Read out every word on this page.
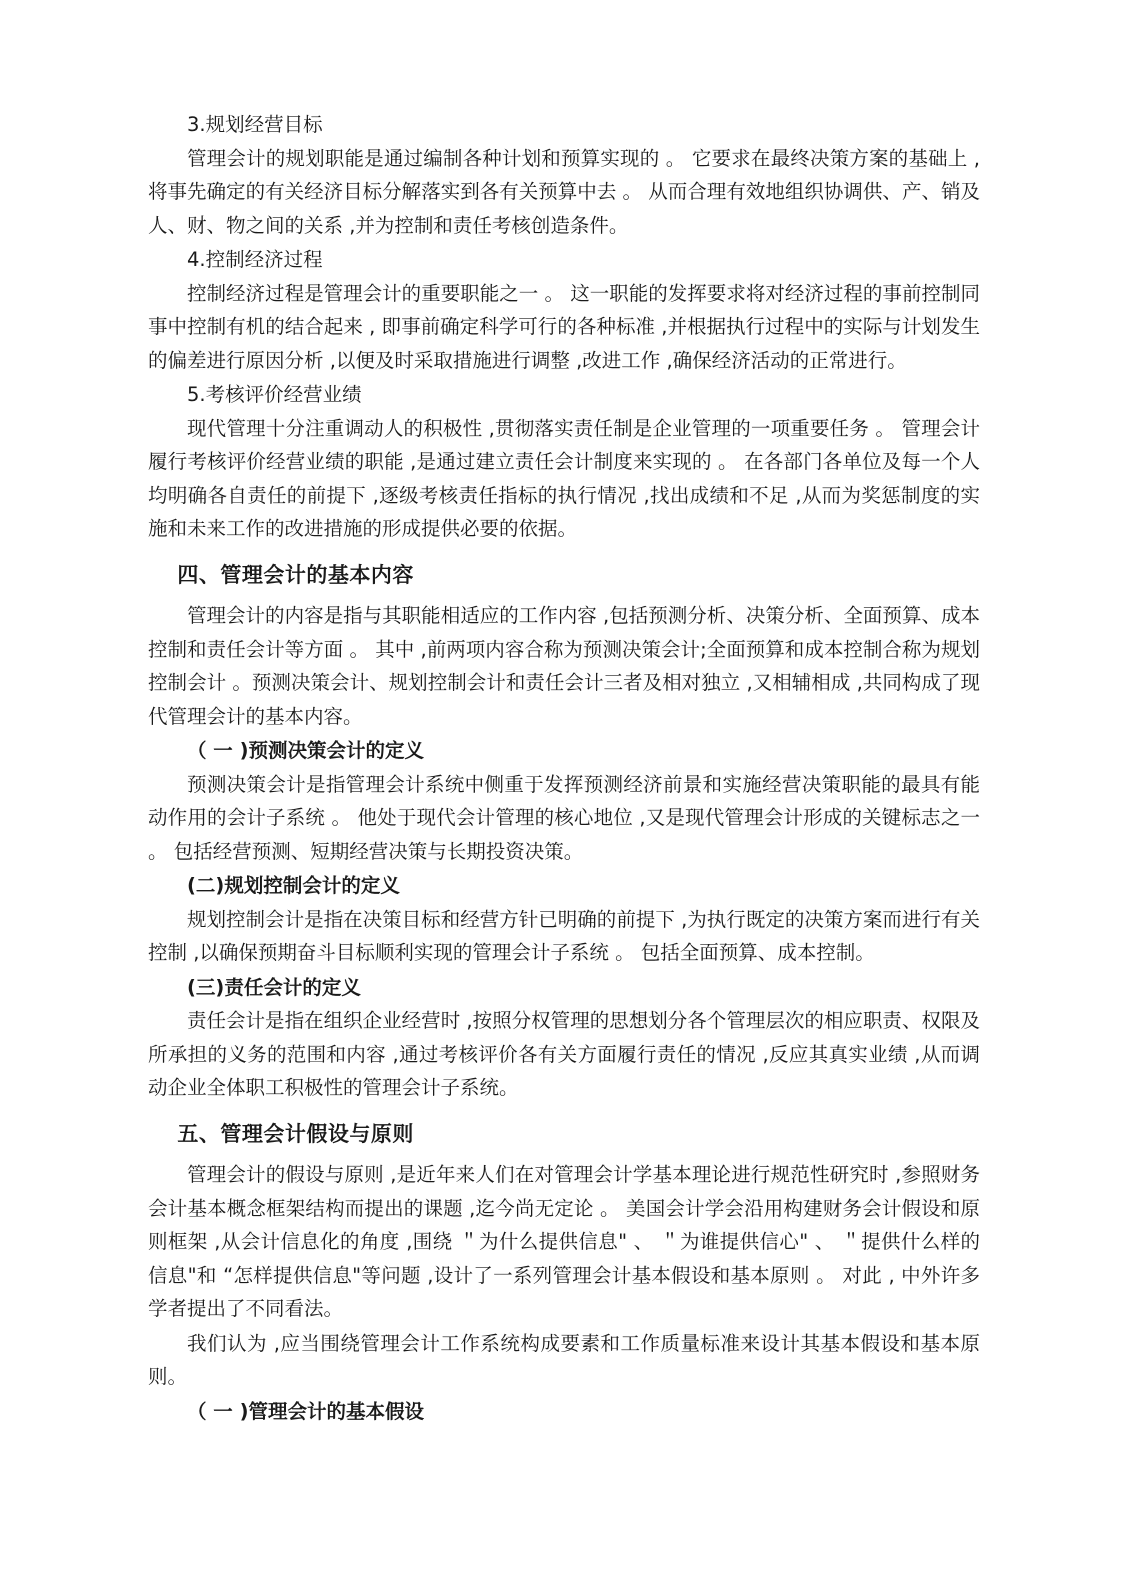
3.规划经营目标

管理会计的规划职能是通过编制各种计划和预算实现的 。 它要求在最终决策方案的基础上 ,将事先确定的有关经济目标分解落实到各有关预算中去 。 从而合理有效地组织协调供、产、销及人、财、物之间的关系 ,并为控制和责任考核创造条件。

4.控制经济过程

控制经济过程是管理会计的重要职能之一 。 这一职能的发挥要求将对经济过程的事前控制同事中控制有机的结合起来 , 即事前确定科学可行的各种标准 ,并根据执行过程中的实际与计划发生的偏差进行原因分析 ,以便及时采取措施进行调整 ,改进工作 ,确保经济活动的正常进行。

5.考核评价经营业绩

现代管理十分注重调动人的积极性 ,贯彻落实责任制是企业管理的一项重要任务 。 管理会计履行考核评价经营业绩的职能 ,是通过建立责任会计制度来实现的 。 在各部门各单位及每一个人均明确各自责任的前提下 ,逐级考核责任指标的执行情况 ,找出成绩和不足 ,从而为奖惩制度的实施和未来工作的改进措施的形成提供必要的依据。

四、管理会计的基本内容

管理会计的内容是指与其职能相适应的工作内容 ,包括预测分析、决策分析、全面预算、成本控制和责任会计等方面 。 其中 ,前两项内容合称为预测决策会计;全面预算和成本控制合称为规划控制会计 。预测决策会计、规划控制会计和责任会计三者及相对独立 ,又相辅相成 ,共同构成了现代管理会计的基本内容。

（ 一 )预测决策会计的定义

预测决策会计是指管理会计系统中侧重于发挥预测经济前景和实施经营决策职能的最具有能动作用的会计子系统 。 他处于现代会计管理的核心地位 ,又是现代管理会计形成的关键标志之一 。 包括经营预测、短期经营决策与长期投资决策。

(二)规划控制会计的定义

规划控制会计是指在决策目标和经营方针已明确的前提下 ,为执行既定的决策方案而进行有关控制 ,以确保预期奋斗目标顺利实现的管理会计子系统 。 包括全面预算、成本控制。

(三)责任会计的定义

责任会计是指在组织企业经营时 ,按照分权管理的思想划分各个管理层次的相应职责、权限及所承担的义务的范围和内容 ,通过考核评价各有关方面履行责任的情况 ,反应其真实业绩 ,从而调动企业全体职工积极性的管理会计子系统。

五、管理会计假设与原则

管理会计的假设与原则 ,是近年来人们在对管理会计学基本理论进行规范性研究时 ,参照财务会计基本概念框架结构而提出的课题 ,迄今尚无定论 。 美国会计学会沿用构建财务会计假设和原则框架 ,从会计信息化的角度 ,围绕 ＂为什么提供信息" 、 ＂为谁提供信心" 、 ＂提供什么样的信息"和 “怎样提供信息"等问题 ,设计了一系列管理会计基本假设和基本原则 。 对此 , 中外许多学者提出了不同看法。

我们认为 ,应当围绕管理会计工作系统构成要素和工作质量标准来设计其基本假设和基本原则。

（ 一 )管理会计的基本假设
